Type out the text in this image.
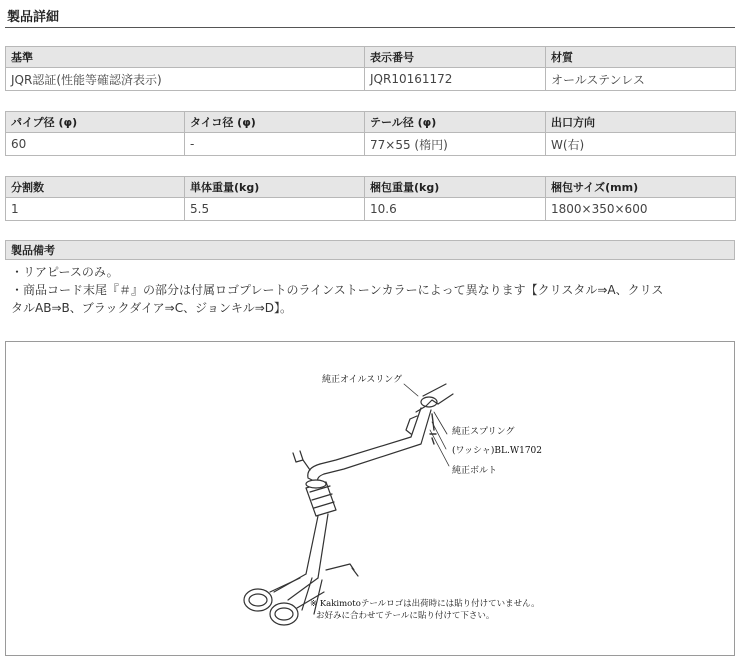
製品詳細
基準	表示番号	材質
JQR認証(性能等確認済表示)	JQR10161172	オールステンレス
パイプ径 (φ)	タイコ径 (φ)	テール径 (φ)	出口方向
60	-	77×55 (楕円)	W(右)
分割数	単体重量(kg)	梱包重量(kg)	梱包サイズ(mm)
1	5.5	10.6	1800×350×600
製品備考
・リアピースのみ。
・商品コード末尾『＃』の部分は付属ロゴプレートのラインストーンカラーによって異なります【クリスタル⇒A、クリス
タルAB⇒B、ブラックダイア⇒C、ジョンキル⇒D】。
純正オイルスリング
純正スプリング
(ワッシャ)BL.W1702
純正ボルト
※ Kakimotoテールロゴは出荷時には貼り付けていません。
お好みに合わせてテールに貼り付けて下さい。
